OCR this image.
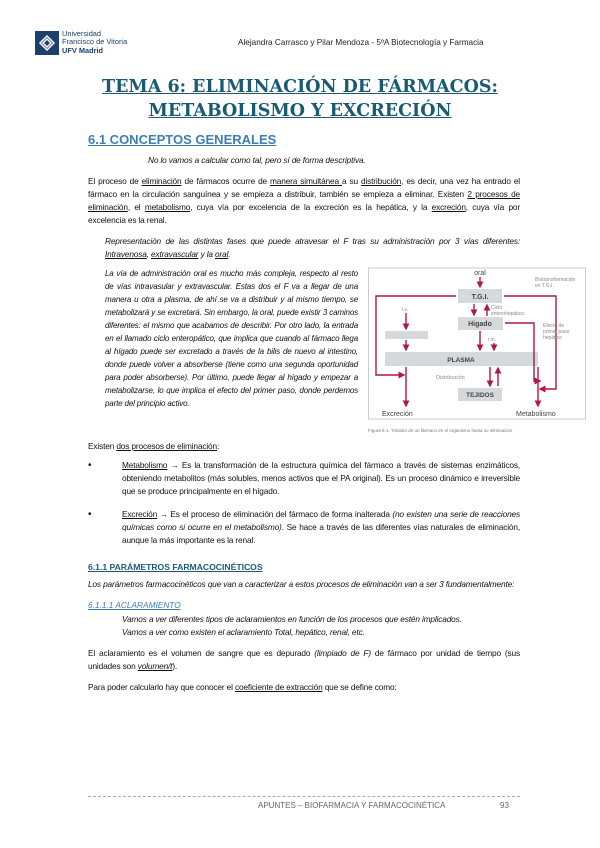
Universidad
Francisco de Vitoria
UFV Madrid
Alejandra Carrasco y Pilar Mendoza - 5ºA Biotecnología y Farmacia
TEMA 6: ELIMINACIÓN DE FÁRMACOS:
METABOLISMO Y EXCRECIÓN
6.1 CONCEPTOS GENERALES
No lo vamos a calcular como tal, pero sí de forma descriptiva.
El proceso de eliminación de fármacos ocurre de manera simultánea a su distribución, es decir, una vez ha entrado el fármaco en la circulación sanguínea y se empieza a distribuir, también se empieza a eliminar. Existen 2 procesos de eliminación, el metabolismo, cuya vía por excelencia de la excreción es la hepática, y la excreción, cuya vía por excelencia es la renal.
Representación de las distintas fases que puede atravesar el F tras su administración por 3 vías diferentes: Intravenosa, extravascular y la oral.
La vía de administración oral es mucho más compleja, respecto al resto de vías intravasular y extravascular. Estas dos el F va a llegar de una manera u otra a plasma, de ahí se va a distribuir y al mismo tiempo, se metabolizará y se excretará. Sin embargo, la oral, puede existir 3 caminos diferentes: el mismo que acabamos de describir. Por otro lado, la entrada en el llamado ciclo enteropático, que implica que cuando al fármaco llega al hígado puede ser excretado a través de la bilis de nuevo al intestino, donde puede volver a absorberse (tiene como una segunda oportunidad para poder absorberse). Por último, puede llegar al hígado y empezar a metabolizarse, lo que implica el efecto del primer paso, donde perdemos parte del principio activo.
oral
T.G.I.
Higado
PLASMA
TEJIDOS
Excreción	Metabolismo
Distribución
i.v.
i.m.
Ciclo
enterohepático
Biotransformación
en T.G.I.
Efecto de
primer paso
hepático
Figura 6-1. Tránsito de un fármaco en el organismo hasta su eliminación
Existen dos procesos de eliminación:
•	Metabolismo → Es la transformación de la estructura química del fármaco a través de sistemas enzimáticos, obteniendo metabolitos (más solubles, menos activos que el PA original). Es un proceso dinámico e irreversible que se produce principalmente en el hígado.
•	Excreción → Es el proceso de eliminación del fármaco de forma inalterada (no existen una serie de reacciones químicas como si ocurre en el metabolismo). Se hace a través de las diferentes vías naturales de eliminación, aunque la más importante es la renal.
6.1.1 PARÁMETROS FARMACOCINÉTICOS
Los parámetros farmacocinéticos que van a caracterizar a estos procesos de eliminación van a ser 3 fundamentalmente:
6.1.1.1 ACLARAMIENTO
Vamos a ver diferentes tipos de aclaramientos en función de los procesos que estén implicados.
Vamos a ver como existen el aclaramiento Total, hepático, renal, etc.
El aclaramiento es el volumen de sangre que es depurado (limpiado de F) de fármaco por unidad de tiempo (sus unidades son volumen/t).
Para poder calcularlo hay que conocer el coeficiente de extracción que se define como:
APUNTES – BIOFARMACIA Y FARMACOCINÉTICA	93
